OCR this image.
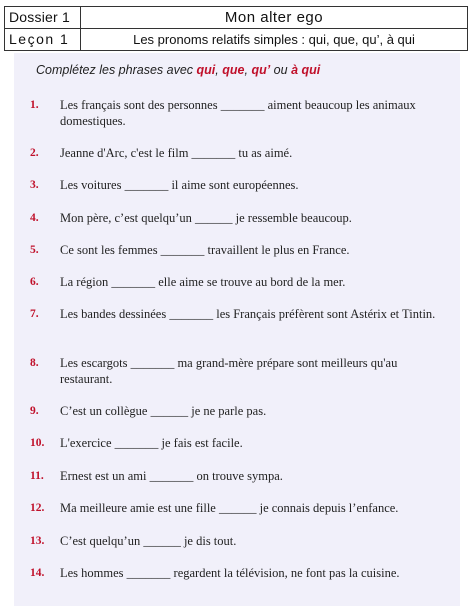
Dossier 1	Mon alter ego
Leçon 1	Les pronoms relatifs simples : qui, que, qu’, à qui
Complétez les phrases avec qui, que, qu’ ou à qui
1.	Les français sont des personnes _______ aiment beaucoup les animaux domestiques.
2.	Jeanne d'Arc, c'est le film _______ tu as aimé.
3.	Les voitures _______ il aime sont européennes.
4.	Mon père, c’est quelqu’un ______ je ressemble beaucoup.
5.	Ce sont les femmes _______ travaillent le plus en France.
6.	La région _______ elle aime se trouve au bord de la mer.
7.	Les bandes dessinées _______ les Français préfèrent sont Astérix et Tintin.
8.	Les escargots _______ ma grand-mère prépare sont meilleurs qu'au restaurant.
9.	C’est un collègue ______ je ne parle pas.
10.	L'exercice _______ je fais est facile.
11.	Ernest est un ami _______ on trouve sympa.
12.	Ma meilleure amie est une fille ______ je connais depuis l’enfance.
13.	C’est quelqu’un ______ je dis tout.
14.	Les hommes _______ regardent la télévision, ne font pas la cuisine.
